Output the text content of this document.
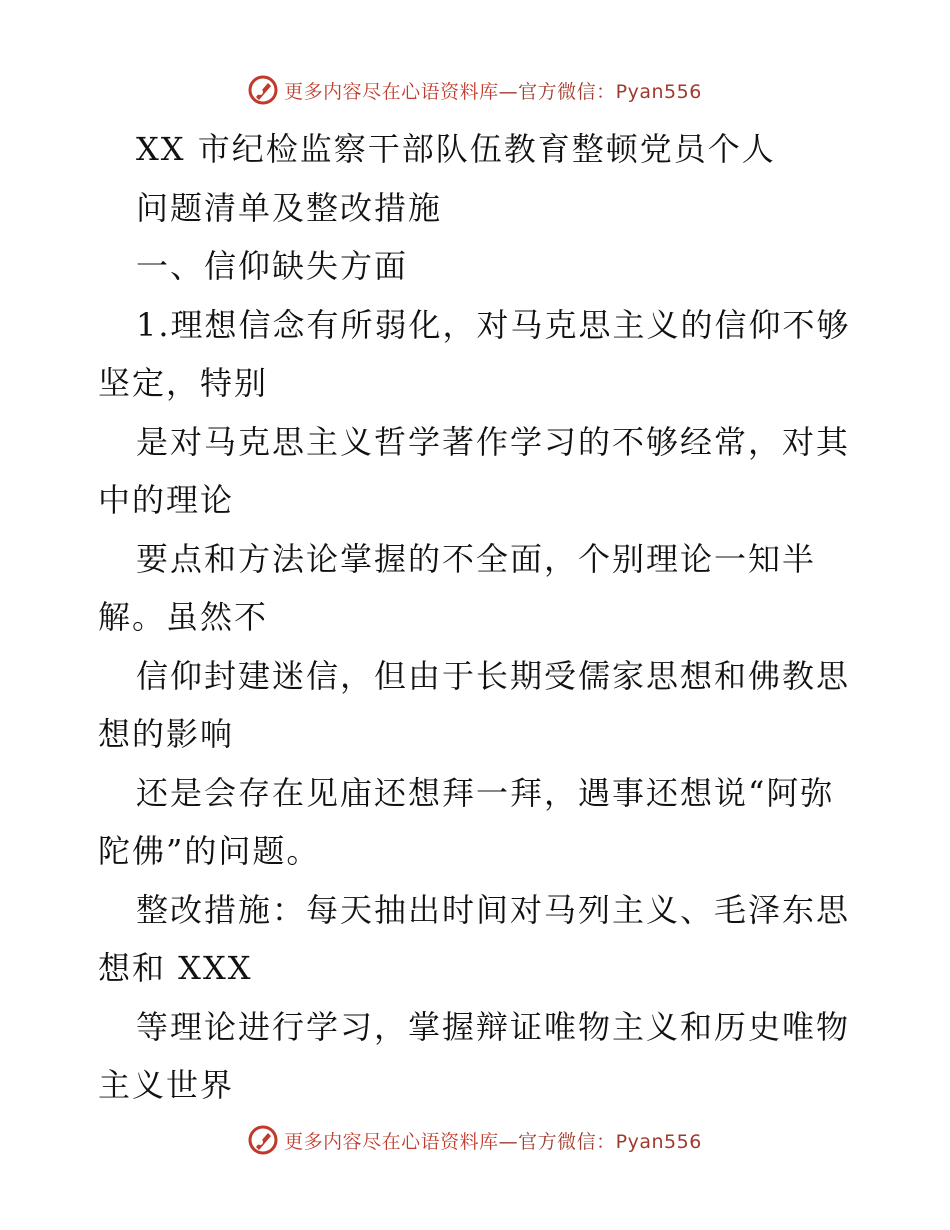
更多内容尽在心语资料库—官方微信：Pyan556
XX 市纪检监察干部队伍教育整顿党员个人
问题清单及整改措施
一、信仰缺失方面
1.理想信念有所弱化，对马克思主义的信仰不够
坚定，特别
是对马克思主义哲学著作学习的不够经常，对其
中的理论
要点和方法论掌握的不全面，个别理论一知半
解。虽然不
信仰封建迷信，但由于长期受儒家思想和佛教思
想的影响
还是会存在见庙还想拜一拜，遇事还想说“阿弥
陀佛”的问题。
整改措施：每天抽出时间对马列主义、毛泽东思
想和 XXX
等理论进行学习，掌握辩证唯物主义和历史唯物
主义世界
更多内容尽在心语资料库—官方微信：Pyan556
